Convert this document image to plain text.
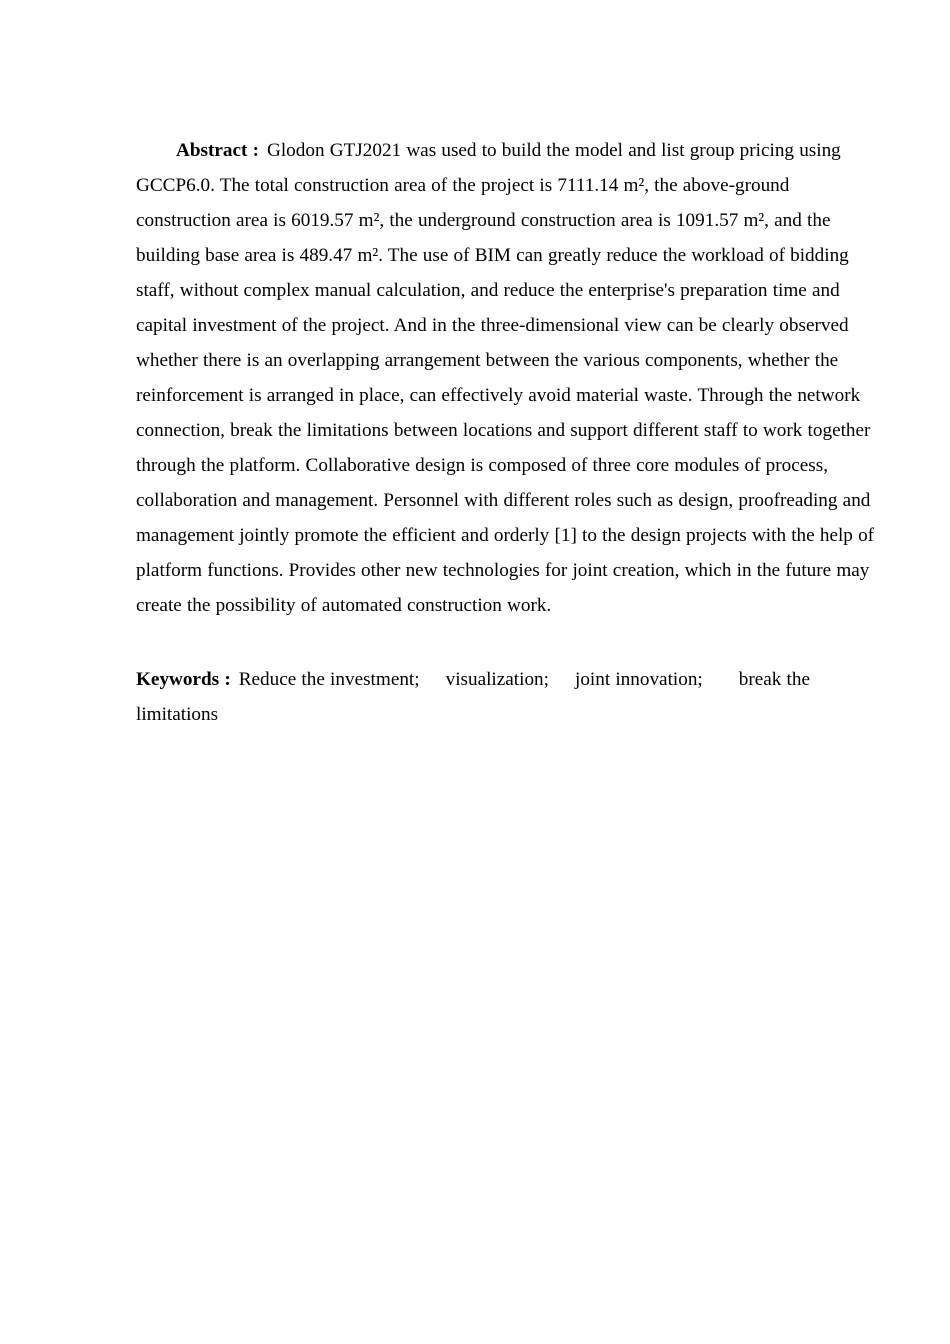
Abstract : Glodon GTJ2021 was used to build the model and list group pricing using GCCP6.0. The total construction area of the project is 7111.14 m², the above-ground construction area is 6019.57 m², the underground construction area is 1091.57 m², and the building base area is 489.47 m². The use of BIM can greatly reduce the workload of bidding staff, without complex manual calculation, and reduce the enterprise's preparation time and capital investment of the project. And in the three-dimensional view can be clearly observed whether there is an overlapping arrangement between the various components, whether the reinforcement is arranged in place, can effectively avoid material waste. Through the network connection, break the limitations between locations and support different staff to work together through the platform. Collaborative design is composed of three core modules of process, collaboration and management. Personnel with different roles such as design, proofreading and management jointly promote the efficient and orderly [1] to the design projects with the help of platform functions. Provides other new technologies for joint creation, which in the future may create the possibility of automated construction work.

Keywords : Reduce the investment; visualization; joint innovation; break the limitations
